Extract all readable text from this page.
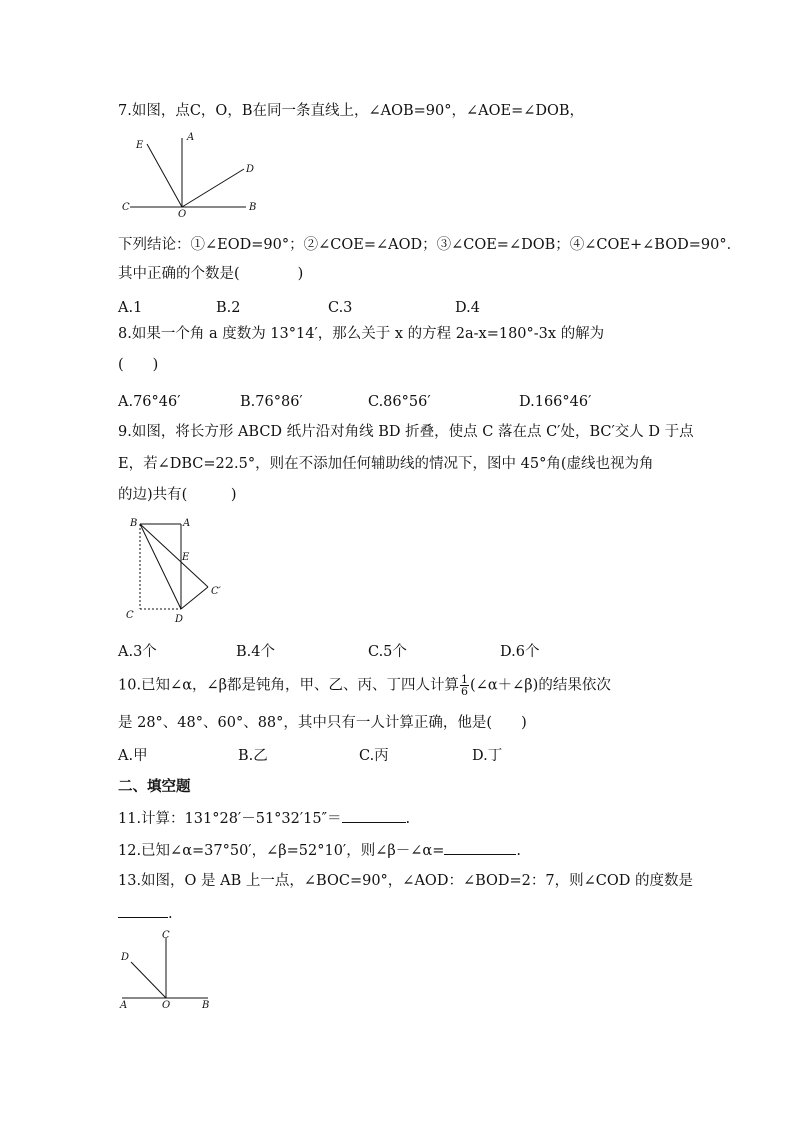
7.如图，点C，O，B在同一条直线上，∠AOB=90°，∠AOE=∠DOB，
E
A
D
C
O
B
下列结论：①∠EOD=90°；②∠COE=∠AOD；③∠COE=∠DOB；④∠COE+∠BOD=90°．
其中正确的个数是(　　　　)
A.1	B.2	C.3	D.4
8.如果一个角 a 度数为 13°14′，那么关于 x 的方程 2a-x=180°-3x 的解为
(　　)
A.76°46′	B.76°86′	C.86°56′	D.166°46′
9.如图，将长方形 ABCD 纸片沿对角线 BD 折叠，使点 C 落在点 C′处，BC′交人 D 于点
E，若∠DBC=22.5°，则在不添加任何辅助线的情况下，图中 45°角(虚线也视为角
的边)共有(　　　)
B	A
E
C′
C	D
A.3个	B.4个	C.5个	D.6个
10.已知∠α，∠β都是钝角，甲、乙、丙、丁四人计算 $\frac{1}{6}$ (∠α＋∠β)的结果依次
是 28°、48°、60°、88°，其中只有一人计算正确，他是(　　)
A.甲	B.乙	C.丙	D.丁
二、填空题
11.计算：131°28′－51°32′15″＝	.
12.已知∠α=37°50′，∠β=52°10′，则∠β－∠α=	.
13.如图，O 是 AB 上一点，∠BOC=90°，∠AOD：∠BOD=2：7，则∠COD 的度数是
.
C
D
A	O	B
